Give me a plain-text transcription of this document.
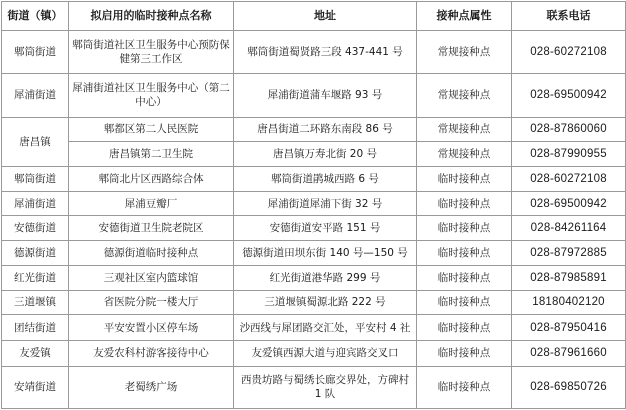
街道（镇）	拟启用的临时接种点名称	地址	接种点属性	联系电话
郫筒街道	郫筒街道社区卫生服务中心预防保健第三工作区	郫筒街道蜀贤路三段 437-441 号	常规接种点	028-60272108
犀浦街道	犀浦街道社区卫生服务中心（第二中心）	犀浦街道蒲车堰路 93 号	常规接种点	028-69500942
唐昌镇	郫都区第二人民医院	唐昌街道二环路东南段 86 号	常规接种点	028-87860060
	唐昌镇第二卫生院	唐昌镇万寿北街 20 号	常规接种点	028-87990955
郫筒街道	郫筒北片区西路综合体	郫筒街道鹃城西路 6 号	临时接种点	028-60272108
犀浦街道	犀浦豆瓣厂	犀浦街道犀浦下街 32 号	临时接种点	028-69500942
安德街道	安德街道卫生院老院区	安德街道安平路 151 号	临时接种点	028-84261164
德源街道	德源街道临时接种点	德源街道田坝东街 140 号—150 号	临时接种点	028-87972885
红光街道	三观社区室内篮球馆	红光街道港华路 299 号	临时接种点	028-87985891
三道堰镇	省医院分院一楼大厅	三道堰镇蜀源北路 222 号	临时接种点	18180402120
团结街道	平安安置小区停车场	沙西线与犀团路交汇处，平安村 4 社	临时接种点	028-87950416
友爱镇	友爱农科村游客接待中心	友爱镇西源大道与迎宾路交叉口	临时接种点	028-87961660
安靖街道	老蜀绣广场	西贵坊路与蜀绣长廊交界处，方碑村 1 队	临时接种点	028-69850726
